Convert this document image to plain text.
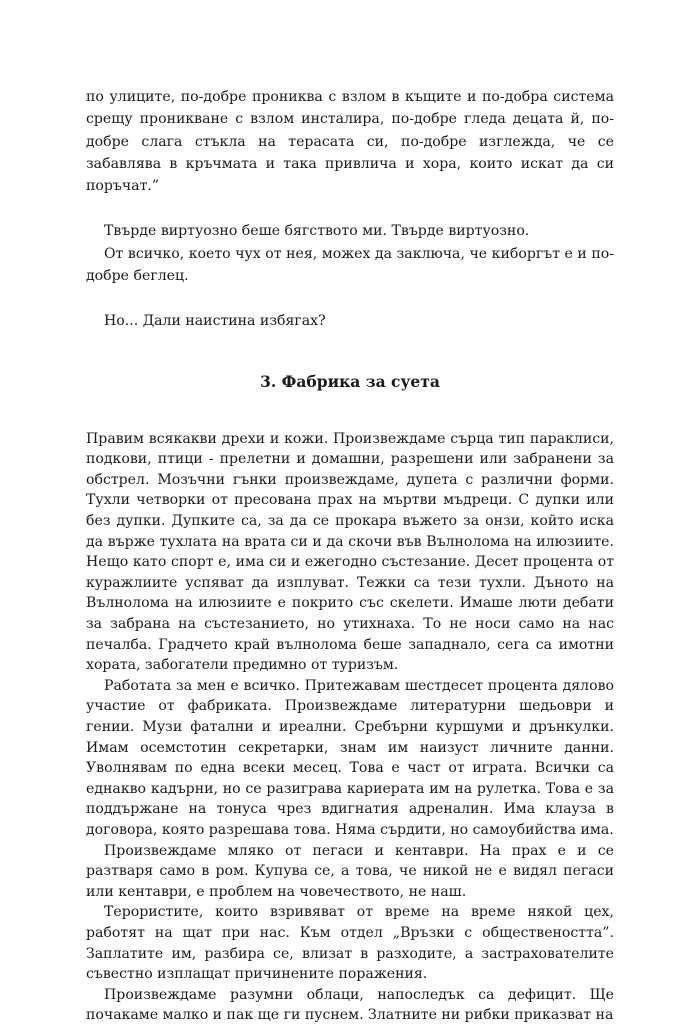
по улиците, по-добре прониква с взлом в къщите и по-добра система срещу проникване с взлом инсталира, по-добре гледа децата й, по-добре слага стъкла на терасата си, по-добре изглежда, че се забавлява в кръчмата и така привлича и хора, които искат да си поръчат.”

Твърде виртуозно беше бягството ми. Твърде виртуозно.

От всичко, което чух от нея, можех да заключа, че киборгът е и по-добре беглец.

Но... Дали наистина избягах?

3. Фабрика за суета

Правим всякакви дрехи и кожи. Произвеждаме сърца тип параклиси, подкови, птици - прелетни и домашни, разрешени или забранени за обстрел. Мозъчни гънки произвеждаме, дупета с различни форми. Тухли четворки от пресована прах на мъртви мъдреци. С дупки или без дупки. Дупките са, за да се прокара въжето за онзи, който иска да върже тухлата на врата си и да скочи във Вълнолома на илюзиите. Нещо като спорт е, има си и ежегодно състезание. Десет процента от куражлиите успяват да изплуват. Тежки са тези тухли. Дъното на Вълнолома на илюзиите е покрито със скелети. Имаше люти дебати за забрана на състезанието, но утихнаха. То не носи само на нас печалба. Градчето край вълнолома беше западнало, сега са имотни хората, забогатели предимно от туризъм.

Работата за мен е всичко. Притежавам шестдесет процента дялово участие от фабриката. Произвеждаме литературни шедьоври и гении. Музи фатални и иреални. Сребърни куршуми и дрънкулки. Имам осемстотин секретарки, знам им наизуст личните данни. Уволнявам по една всеки месец. Това е част от играта. Всички са еднакво кадърни, но се разиграва кариерата им на рулетка. Това е за поддържане на тонуса чрез вдигнатия адреналин. Има клауза в договора, която разрешава това. Няма сърдити, но самоубийства има.

Произвеждаме мляко от пегаси и кентаври. На прах е и се разтваря само в ром. Купува се, а това, че никой не е видял пегаси или кентаври, е проблем на човечеството, не наш.

Терористите, които взривяват от време на време някой цех, работят на щат при нас. Към отдел „Връзки с обществеността”. Заплатите им, разбира се, влизат в разходите, а застрахователите съвестно изплащат причинените поражения.

Произвеждаме разумни облаци, напоследък са дефицит. Ще почакаме малко и пак ще ги пуснем. Златните ни рибки приказват на
